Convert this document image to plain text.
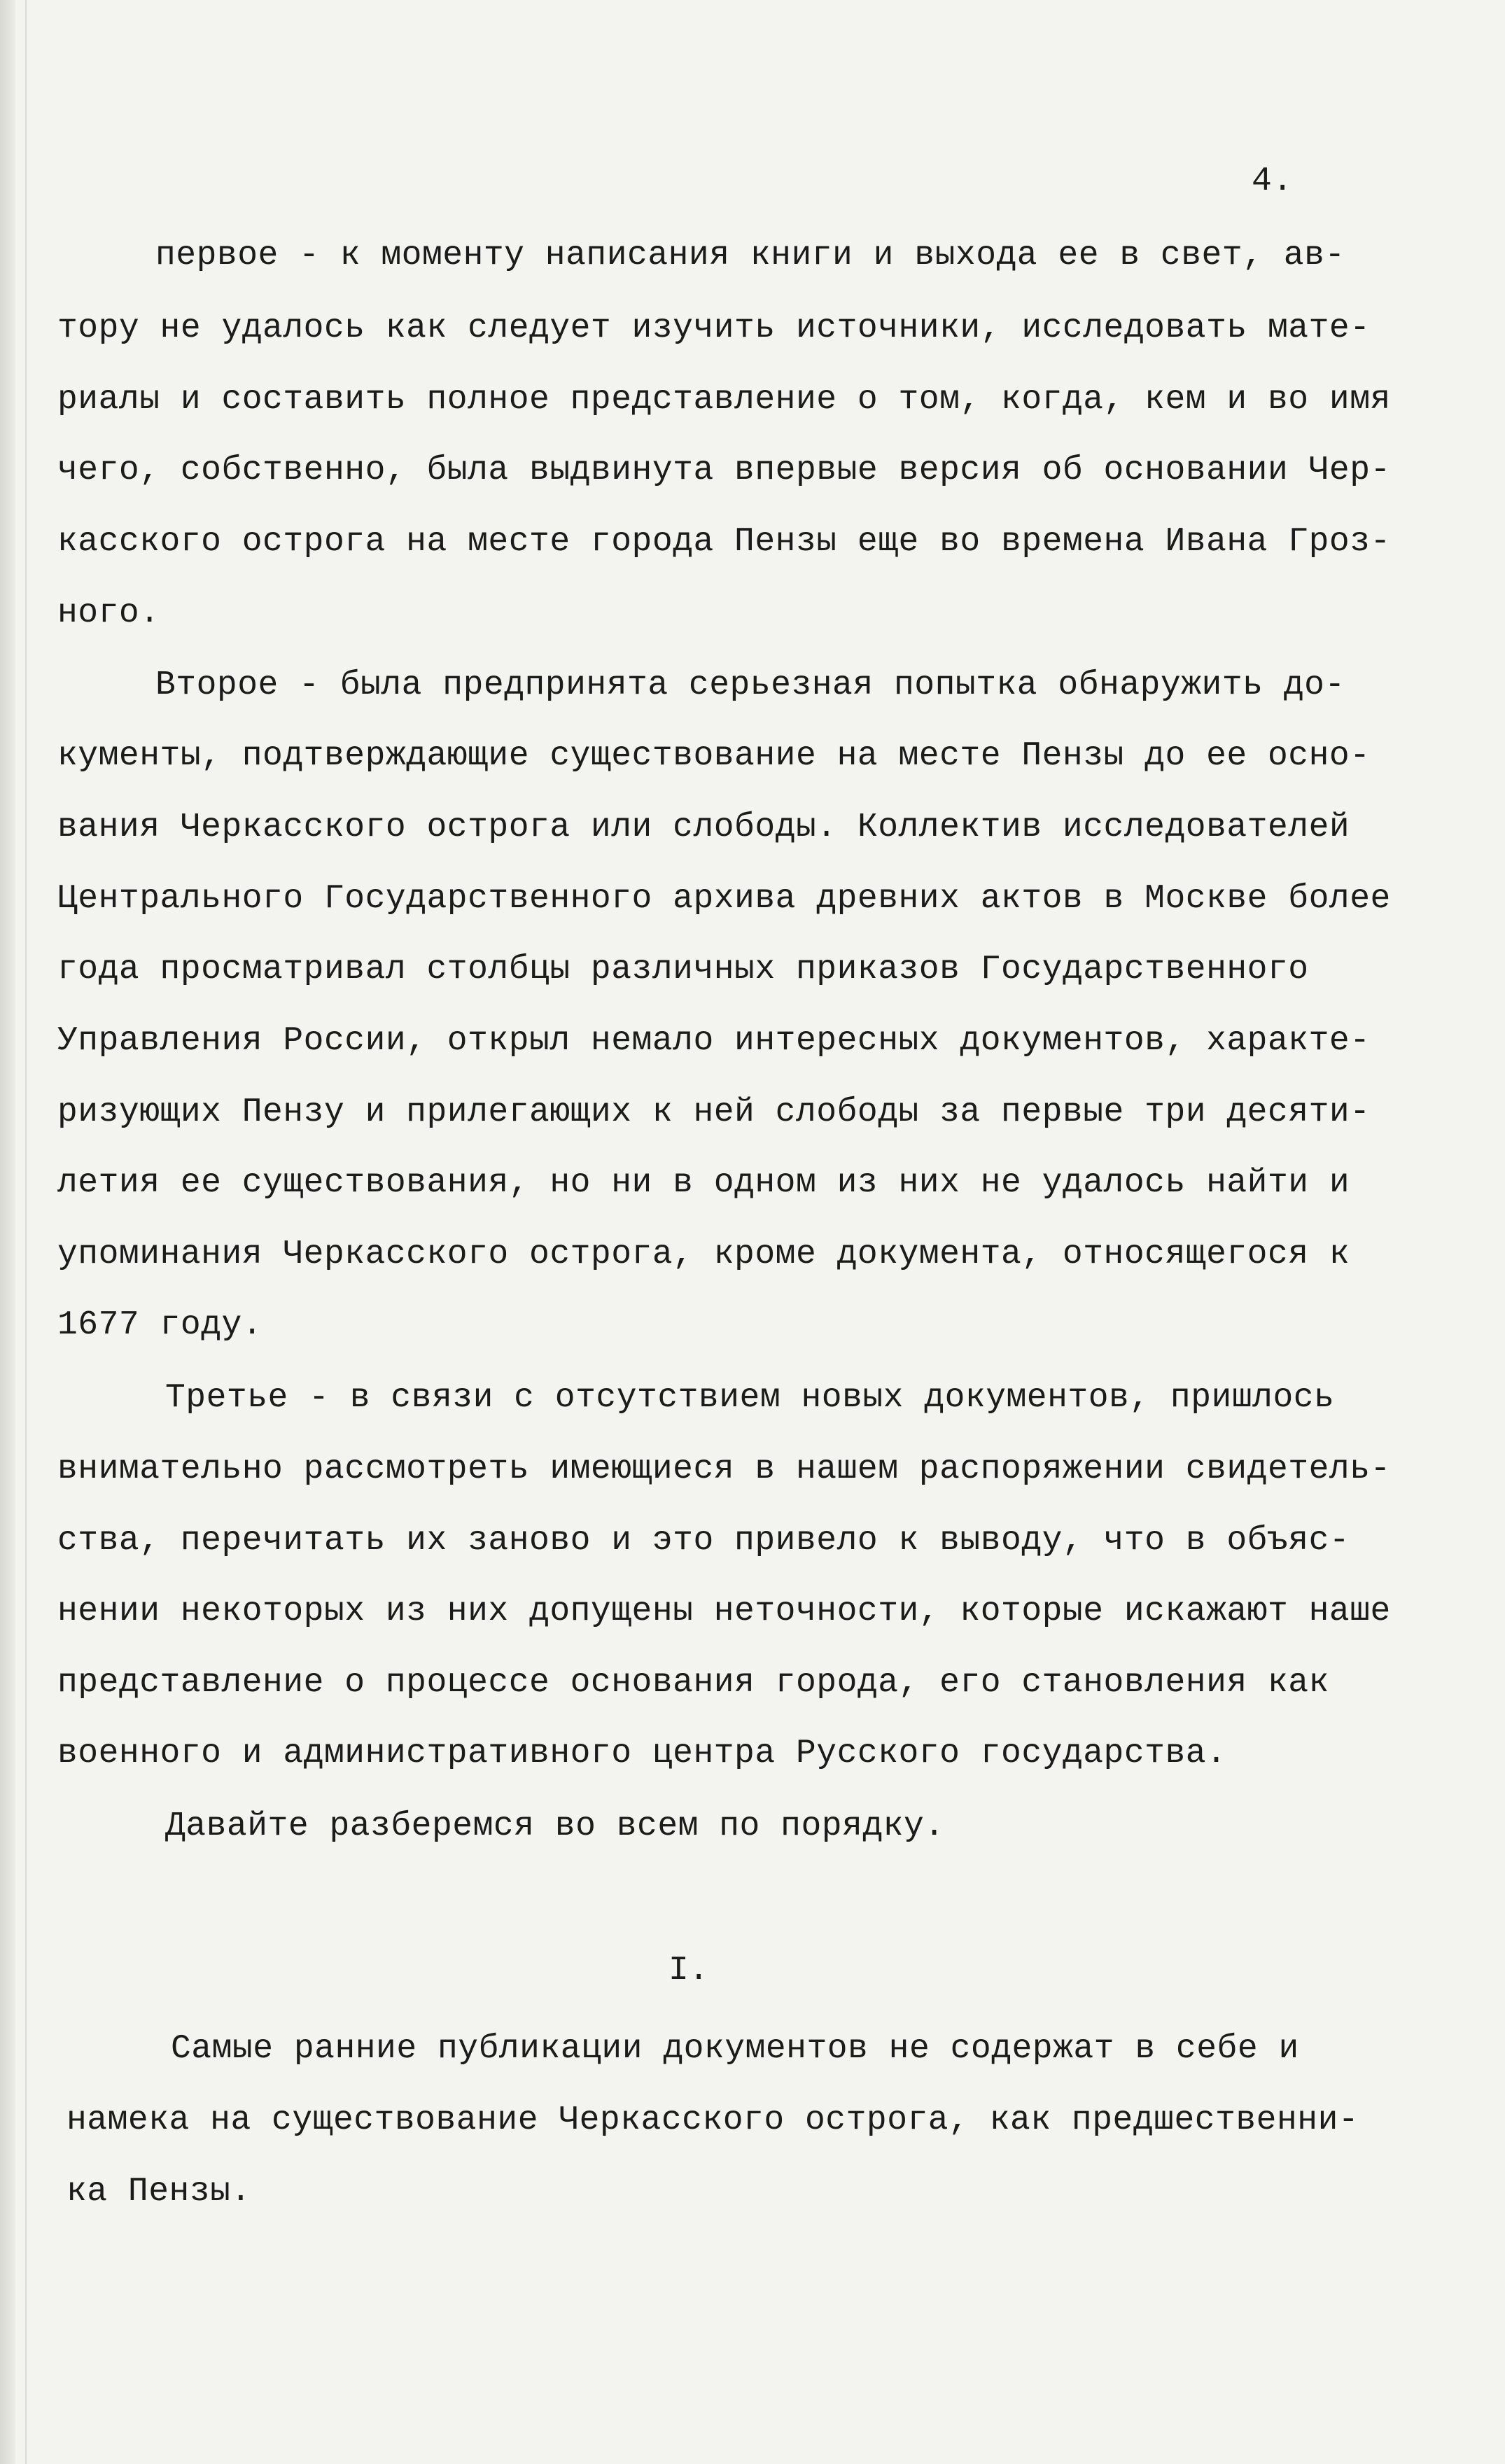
4.
первое - к моменту написания книги и выхода ее в свет, ав-
тору не удалось как следует изучить источники, исследовать мате-
риалы и составить полное представление о том, когда, кем и во имя
чего, собственно, была выдвинута впервые версия об основании Чер-
касского острога на месте города Пензы еще во времена Ивана Гроз-
ного.
Второе - была предпринята серьезная попытка обнаружить до-
кументы, подтверждающие существование на месте Пензы до ее осно-
вания Черкасского острога или слободы. Коллектив исследователей
Центрального Государственного архива древних актов в Москве более
года просматривал столбцы различных приказов Государственного
Управления России, открыл немало интересных документов, характе-
ризующих Пензу и прилегающих к ней слободы за первые три десяти-
летия ее существования, но ни в одном из них не удалось найти и
упоминания Черкасского острога, кроме документа, относящегося к
1677 году.
Третье - в связи с отсутствием новых документов, пришлось
внимательно рассмотреть имеющиеся в нашем распоряжении свидетель-
ства, перечитать их заново и это привело к выводу, что в объяс-
нении некоторых из них допущены неточности, которые искажают наше
представление о процессе основания города, его становления как
военного и административного центра Русского государства.
Давайте разберемся во всем по порядку.
I.
Самые ранние публикации документов не содержат в себе и
намека на существование Черкасского острога, как предшественни-
ка Пензы.
